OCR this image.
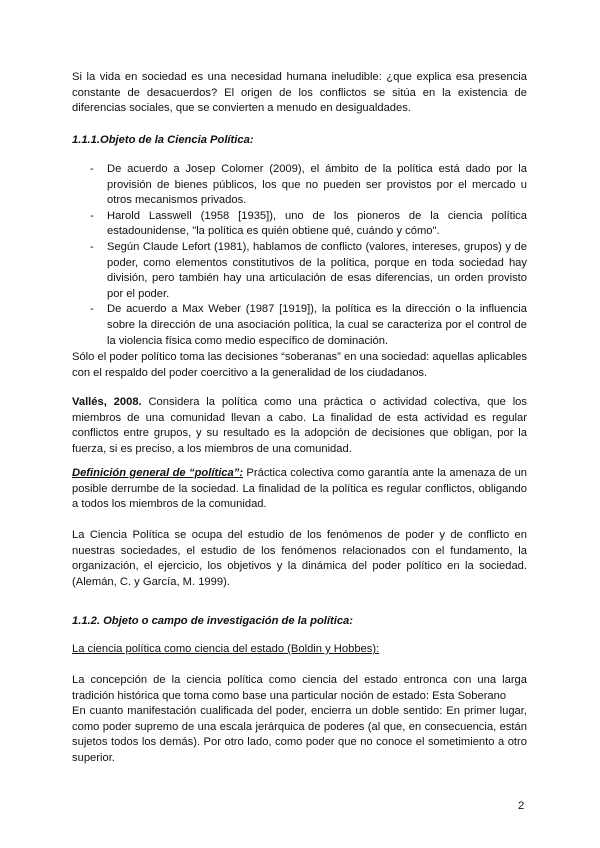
Si la vida en sociedad es una necesidad humana ineludible: ¿que explica esa presencia constante de desacuerdos? El origen de los conflictos se sitúa en la existencia de diferencias sociales, que se convierten a menudo en desigualdades.

1.1.1.Objeto de la Ciencia Política:

- De acuerdo a Josep Colomer (2009), el ámbito de la política está dado por la provisión de bienes públicos, los que no pueden ser provistos por el mercado u otros mecanismos privados.
- Harold Lasswell (1958 [1935]), uno de los pioneros de la ciencia política estadounidense, "la política es quién obtiene qué, cuándo y cómo".
- Según Claude Lefort (1981), hablamos de conflicto (valores, intereses, grupos) y de poder, como elementos constitutivos de la política, porque en toda sociedad hay división, pero también hay una articulación de esas diferencias, un orden provisto por el poder.
- De acuerdo a Max Weber (1987 [1919]), la política es la dirección o la influencia sobre la dirección de una asociación política, la cual se caracteriza por el control de la violencia física como medio específico de dominación.

Sólo el poder político toma las decisiones “soberanas” en una sociedad: aquellas aplicables con el respaldo del poder coercitivo a la generalidad de los ciudadanos.

Vallés, 2008. Considera la política como una práctica o actividad colectiva, que los miembros de una comunidad llevan a cabo. La finalidad de esta actividad es regular conflictos entre grupos, y su resultado es la adopción de decisiones que obligan, por la fuerza, si es preciso, a los miembros de una comunidad.

Definición general de “política”: Práctica colectiva como garantía ante la amenaza de un posible derrumbe de la sociedad. La finalidad de la política es regular conflictos, obligando a todos los miembros de la comunidad.

La Ciencia Política se ocupa del estudio de los fenómenos de poder y de conflicto en nuestras sociedades, el estudio de los fenómenos relacionados con el fundamento, la organización, el ejercicio, los objetivos y la dinámica del poder político en la sociedad. (Alemán, C. y García, M. 1999).

1.1.2. Objeto o campo de investigación de la política:

La ciencia política como ciencia del estado (Boldin y Hobbes):

La concepción de la ciencia política como ciencia del estado entronca con una larga tradición histórica que toma como base una particular noción de estado: Esta Soberano
En cuanto manifestación cualificada del poder, encierra un doble sentido: En primer lugar, como poder supremo de una escala jerárquica de poderes (al que, en consecuencia, están sujetos todos los demás). Por otro lado, como poder que no conoce el sometimiento a otro superior.

2
